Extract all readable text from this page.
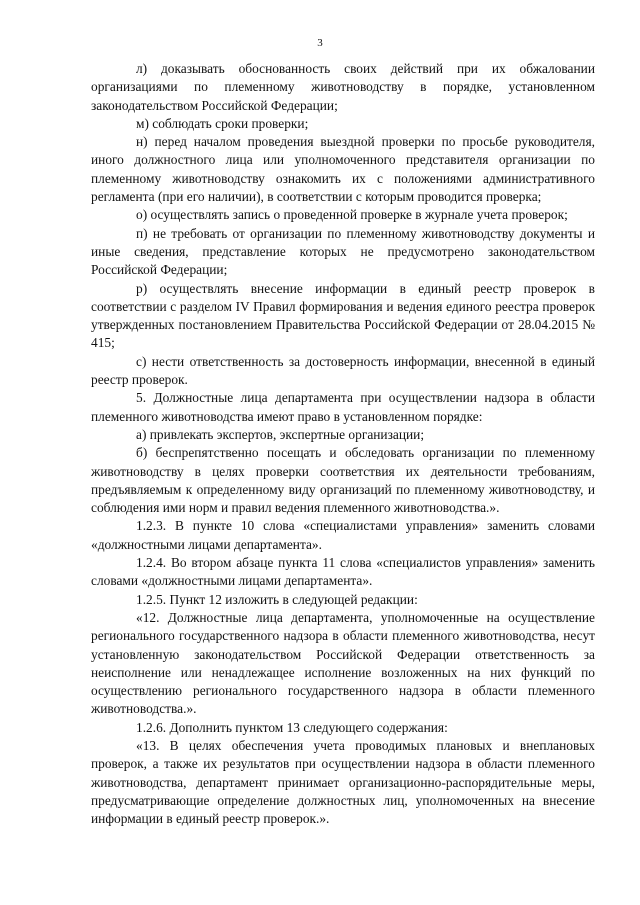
3

л) доказывать обоснованность своих действий при их обжаловании организациями по племенному животноводству в порядке, установленном законодательством Российской Федерации;

м) соблюдать сроки проверки;

н) перед началом проведения выездной проверки по просьбе руководителя, иного должностного лица или уполномоченного представителя организации по племенному животноводству ознакомить их с положениями административного регламента (при его наличии), в соответствии с которым проводится проверка;

о) осуществлять запись о проведенной проверке в журнале учета проверок;

п) не требовать от организации по племенному животноводству документы и иные сведения, представление которых не предусмотрено законодательством Российской Федерации;

р) осуществлять внесение информации в единый реестр проверок в соответствии с разделом IV Правил формирования и ведения единого реестра проверок утвержденных постановлением Правительства Российской Федерации от 28.04.2015 № 415;

с) нести ответственность за достоверность информации, внесенной в единый реестр проверок.

5. Должностные лица департамента при осуществлении надзора в области племенного животноводства имеют право в установленном порядке:

а) привлекать экспертов, экспертные организации;

б) беспрепятственно посещать и обследовать организации по племенному животноводству в целях проверки соответствия их деятельности требованиям, предъявляемым к определенному виду организаций по племенному животноводству, и соблюдения ими норм и правил ведения племенного животноводства.».

1.2.3. В пункте 10 слова «специалистами управления» заменить словами «должностными лицами департамента».

1.2.4. Во втором абзаце пункта 11 слова «специалистов управления» заменить словами «должностными лицами департамента».

1.2.5. Пункт 12 изложить в следующей редакции:

«12. Должностные лица департамента, уполномоченные на осуществление регионального государственного надзора в области племенного животноводства, несут установленную законодательством Российской Федерации ответственность за неисполнение или ненадлежащее исполнение возложенных на них функций по осуществлению регионального государственного надзора в области племенного животноводства.».

1.2.6. Дополнить пунктом 13 следующего содержания:

«13. В целях обеспечения учета проводимых плановых и внеплановых проверок, а также их результатов при осуществлении надзора в области племенного животноводства, департамент принимает организационно-распорядительные меры, предусматривающие определение должностных лиц, уполномоченных на внесение информации в единый реестр проверок.».
